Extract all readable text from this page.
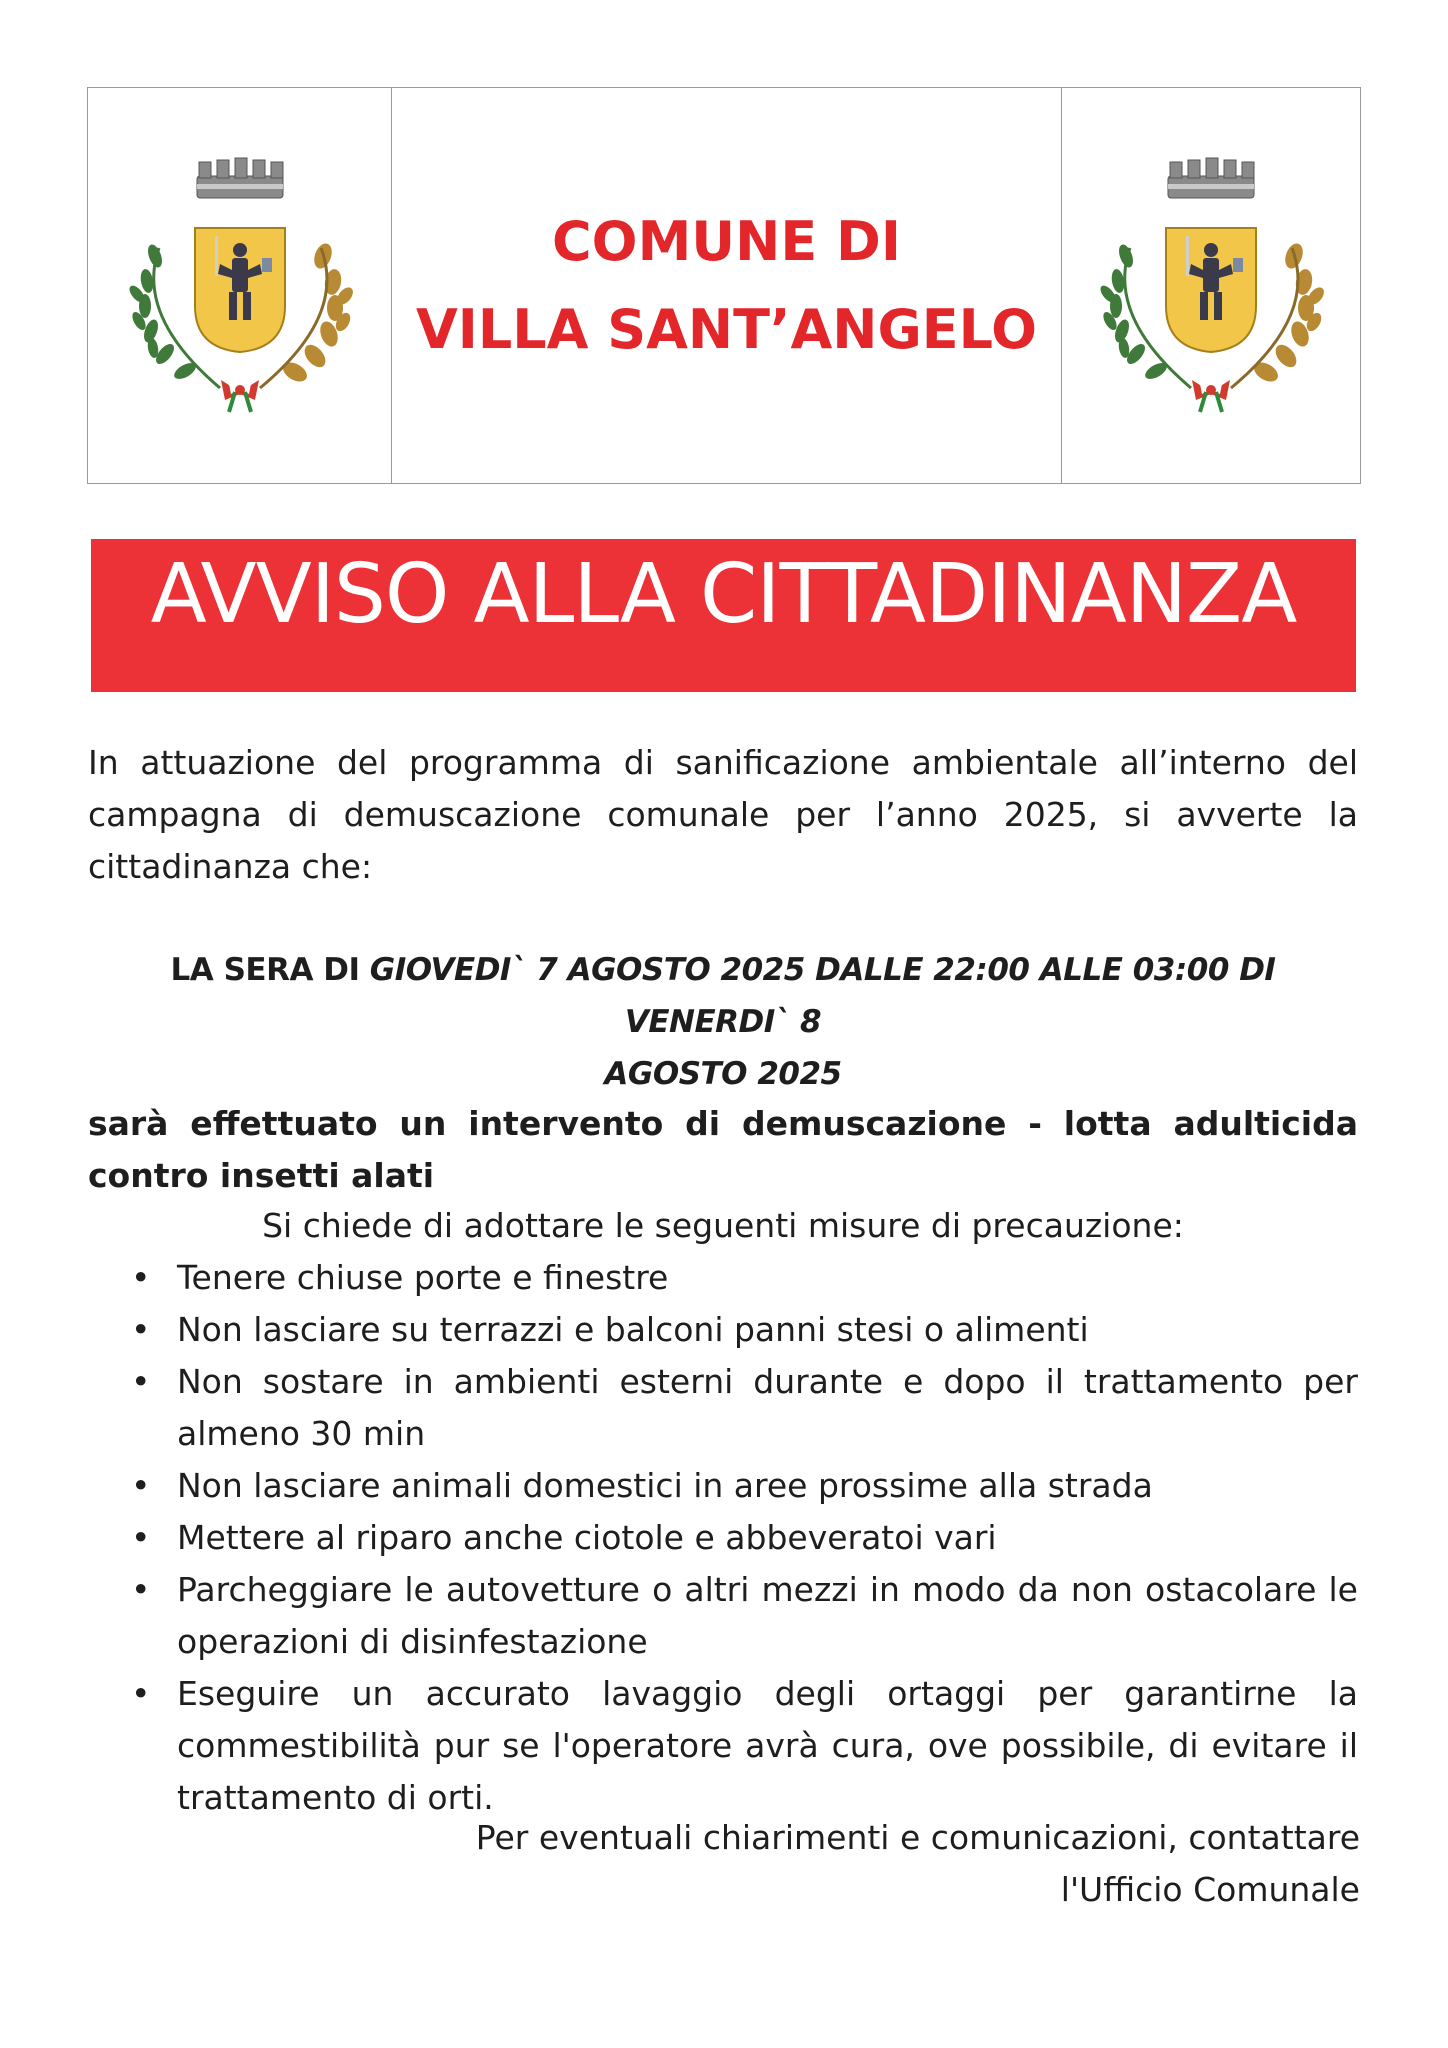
COMUNE DI
VILLA SANT’ANGELO
AVVISO ALLA CITTADINANZA
In attuazione del programma di sanificazione ambientale all’interno del campagna di demuscazione comunale per l’anno 2025, si avverte la cittadinanza che:
LA SERA DI GIOVEDI` 7 AGOSTO 2025 DALLE 22:00 ALLE 03:00 DI VENERDI` 8
AGOSTO 2025
sarà effettuato un intervento di demuscazione - lotta adulticida contro insetti alati
Si chiede di adottare le seguenti misure di precauzione:
• Tenere chiuse porte e finestre
• Non lasciare su terrazzi e balconi panni stesi o alimenti
• Non sostare in ambienti esterni durante e dopo il trattamento per almeno 30 min
• Non lasciare animali domestici in aree prossime alla strada
• Mettere al riparo anche ciotole e abbeveratoi vari
• Parcheggiare le autovetture o altri mezzi in modo da non ostacolare le operazioni di disinfestazione
• Eseguire un accurato lavaggio degli ortaggi per garantirne la commestibilità pur se l'operatore avrà cura, ove possibile, di evitare il trattamento di orti.
Per eventuali chiarimenti e comunicazioni, contattare
l'Ufficio Comunale
